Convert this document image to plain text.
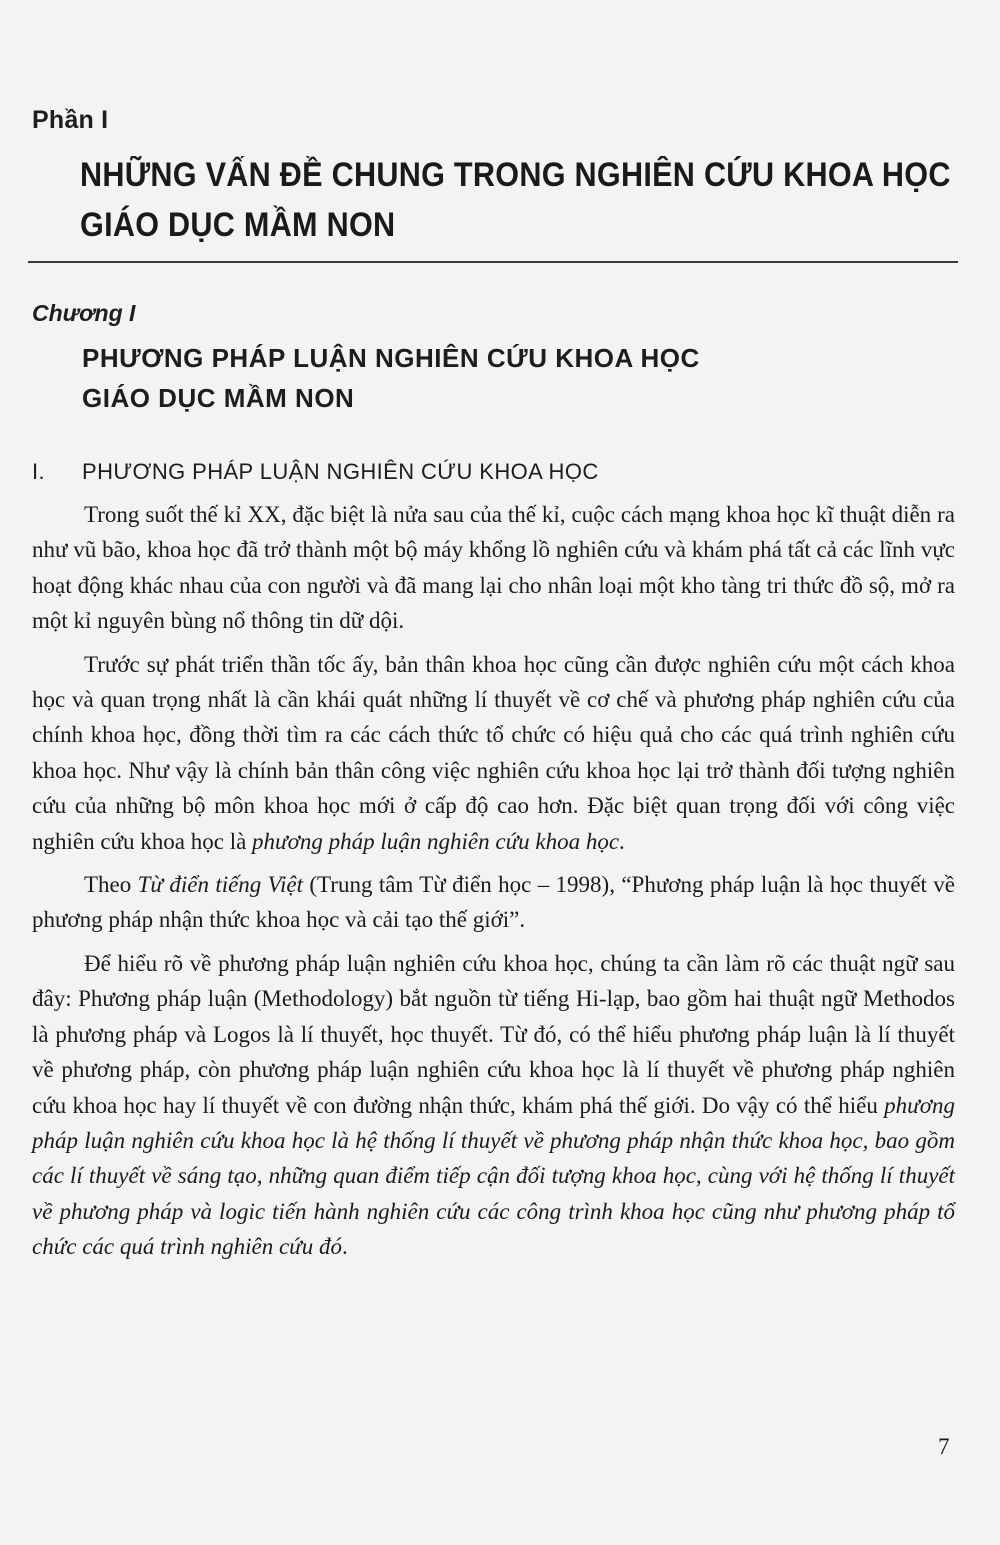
Phần I
NHỮNG VẤN ĐỀ CHUNG TRONG NGHIÊN CỨU KHOA HỌC
GIÁO DỤC MẦM NON
Chương I
PHƯƠNG PHÁP LUẬN NGHIÊN CỨU KHOA HỌC
GIÁO DỤC MẦM NON
I. PHƯƠNG PHÁP LUẬN NGHIÊN CỨU KHOA HỌC

Trong suốt thế kỉ XX, đặc biệt là nửa sau của thế kỉ, cuộc cách mạng khoa học kĩ thuật diễn ra như vũ bão, khoa học đã trở thành một bộ máy khổng lồ nghiên cứu và khám phá tất cả các lĩnh vực hoạt động khác nhau của con người và đã mang lại cho nhân loại một kho tàng tri thức đồ sộ, mở ra một kỉ nguyên bùng nổ thông tin dữ dội.

Trước sự phát triển thần tốc ấy, bản thân khoa học cũng cần được nghiên cứu một cách khoa học và quan trọng nhất là cần khái quát những lí thuyết về cơ chế và phương pháp nghiên cứu của chính khoa học, đồng thời tìm ra các cách thức tổ chức có hiệu quả cho các quá trình nghiên cứu khoa học. Như vậy là chính bản thân công việc nghiên cứu khoa học lại trở thành đối tượng nghiên cứu của những bộ môn khoa học mới ở cấp độ cao hơn. Đặc biệt quan trọng đối với công việc nghiên cứu khoa học là phương pháp luận nghiên cứu khoa học.

Theo Từ điển tiếng Việt (Trung tâm Từ điển học – 1998), “Phương pháp luận là học thuyết về phương pháp nhận thức khoa học và cải tạo thế giới”.

Để hiểu rõ về phương pháp luận nghiên cứu khoa học, chúng ta cần làm rõ các thuật ngữ sau đây: Phương pháp luận (Methodology) bắt nguồn từ tiếng Hi-lạp, bao gồm hai thuật ngữ Methodos là phương pháp và Logos là lí thuyết, học thuyết. Từ đó, có thể hiểu phương pháp luận là lí thuyết về phương pháp, còn phương pháp luận nghiên cứu khoa học là lí thuyết về phương pháp nghiên cứu khoa học hay lí thuyết về con đường nhận thức, khám phá thế giới. Do vậy có thể hiểu phương pháp luận nghiên cứu khoa học là hệ thống lí thuyết về phương pháp nhận thức khoa học, bao gồm các lí thuyết về sáng tạo, những quan điểm tiếp cận đối tượng khoa học, cùng với hệ thống lí thuyết về phương pháp và logic tiến hành nghiên cứu các công trình khoa học cũng như phương pháp tổ chức các quá trình nghiên cứu đó.

7
